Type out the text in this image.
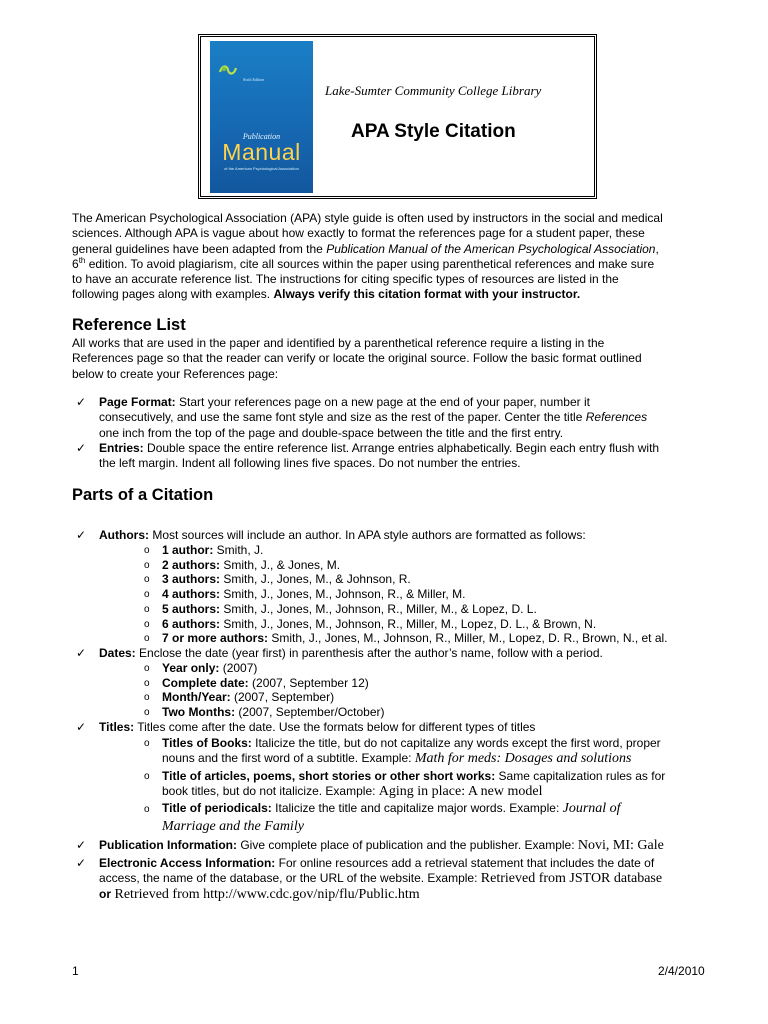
Sixth Edition
Publication
Manual
of the American Psychological Association
Lake-Sumter Community College Library
APA Style Citation
The American Psychological Association (APA) style guide is often used by instructors in the social and medical
sciences. Although APA is vague about how exactly to format the references page for a student paper, these
general guidelines have been adapted from the Publication Manual of the American Psychological Association,
6th edition. To avoid plagiarism, cite all sources within the paper using parenthetical references and make sure
to have an accurate reference list. The instructions for citing specific types of resources are listed in the
following pages along with examples. Always verify this citation format with your instructor.
Reference List
All works that are used in the paper and identified by a parenthetical reference require a listing in the
References page so that the reader can verify or locate the original source. Follow the basic format outlined
below to create your References page:
✓ Page Format: Start your references page on a new page at the end of your paper, number it
consecutively, and use the same font style and size as the rest of the paper. Center the title References
one inch from the top of the page and double-space between the title and the first entry.
✓ Entries: Double space the entire reference list. Arrange entries alphabetically. Begin each entry flush with
the left margin. Indent all following lines five spaces. Do not number the entries.
Parts of a Citation
✓ Authors: Most sources will include an author. In APA style authors are formatted as follows:
o 1 author: Smith, J.
o 2 authors: Smith, J., & Jones, M.
o 3 authors: Smith, J., Jones, M., & Johnson, R.
o 4 authors: Smith, J., Jones, M., Johnson, R., & Miller, M.
o 5 authors: Smith, J., Jones, M., Johnson, R., Miller, M., & Lopez, D. L.
o 6 authors: Smith, J., Jones, M., Johnson, R., Miller, M., Lopez, D. L., & Brown, N.
o 7 or more authors: Smith, J., Jones, M., Johnson, R., Miller, M., Lopez, D. R., Brown, N., et al.
✓ Dates: Enclose the date (year first) in parenthesis after the author’s name, follow with a period.
o Year only: (2007)
o Complete date: (2007, September 12)
o Month/Year: (2007, September)
o Two Months: (2007, September/October)
✓ Titles: Titles come after the date. Use the formats below for different types of titles
o Titles of Books: Italicize the title, but do not capitalize any words except the first word, proper
nouns and the first word of a subtitle. Example: Math for meds: Dosages and solutions
o Title of articles, poems, short stories or other short works: Same capitalization rules as for
book titles, but do not italicize. Example: Aging in place: A new model
o Title of periodicals: Italicize the title and capitalize major words. Example: Journal of
Marriage and the Family
✓ Publication Information: Give complete place of publication and the publisher. Example: Novi, MI: Gale
✓ Electronic Access Information: For online resources add a retrieval statement that includes the date of
access, the name of the database, or the URL of the website. Example: Retrieved from JSTOR database
or Retrieved from http://www.cdc.gov/nip/flu/Public.htm
1	2/4/2010
